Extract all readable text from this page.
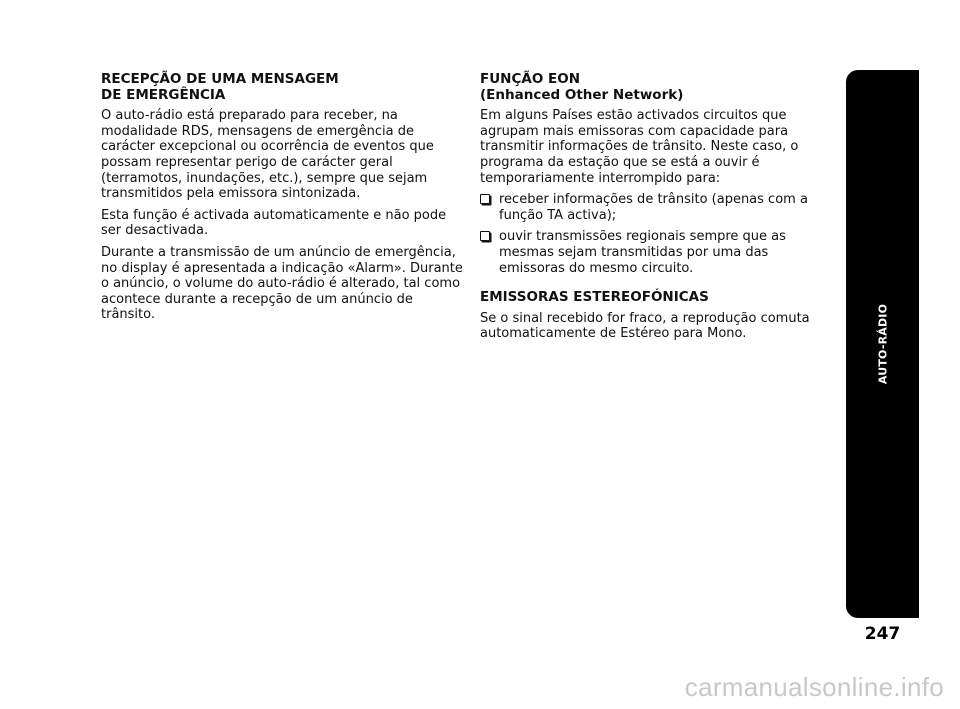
RECEPÇÃO DE UMA MENSAGEM
DE EMERGÊNCIA

O auto-rádio está preparado para receber, na modalidade RDS, mensagens de emergência de carácter excepcional ou ocorrência de eventos que possam representar perigo de carácter geral (terramotos, inundações, etc.), sempre que sejam transmitidos pela emissora sintonizada.

Esta função é activada automaticamente e não pode ser desactivada.

Durante a transmissão de um anúncio de emergência, no display é apresentada a indicação «Alarm». Durante o anúncio, o volume do auto-rádio é alterado, tal como acontece durante a recepção de um anúncio de trânsito.

FUNÇÃO EON
(Enhanced Other Network)

Em alguns Países estão activados circuitos que agrupam mais emissoras com capacidade para transmitir informações de trânsito. Neste caso, o programa da estação que se está a ouvir é temporariamente interrompido para:

receber informações de trânsito (apenas com a função TA activa);
ouvir transmissões regionais sempre que as mesmas sejam transmitidas por uma das emissoras do mesmo circuito.
EMISSORAS ESTEREOFÓNICAS

Se o sinal recebido for fraco, a reprodução comuta automaticamente de Estéreo para Mono.	AUTO-RÁDIO
247
carmanualsonline.info
